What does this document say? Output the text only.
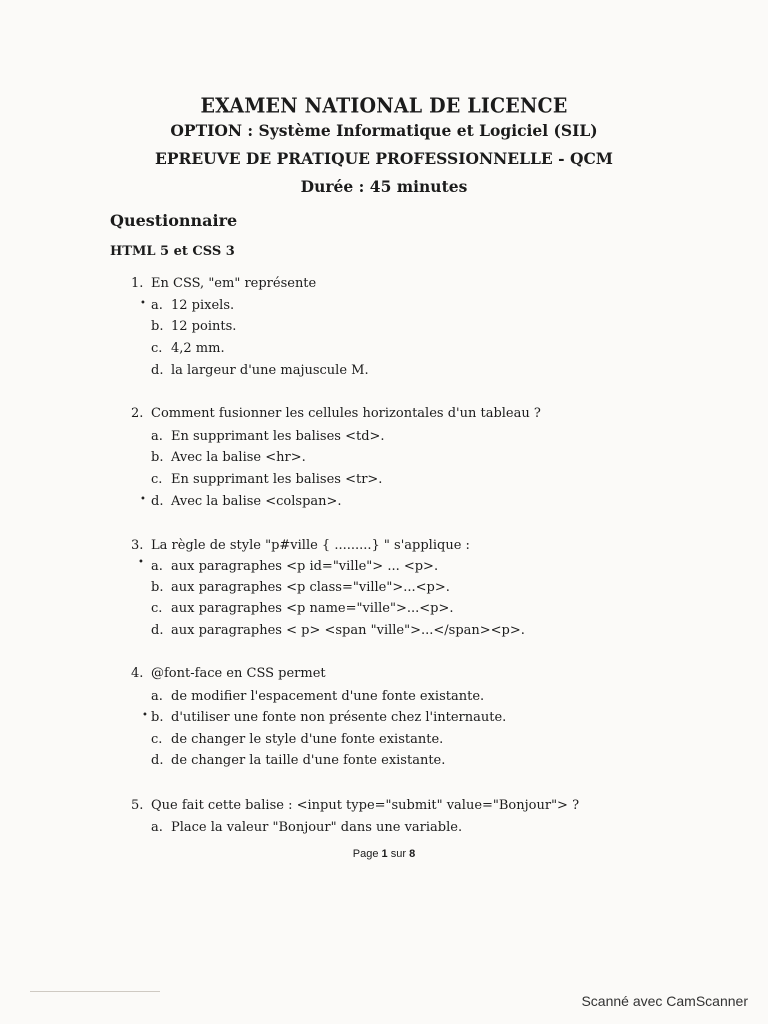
EXAMEN NATIONAL DE LICENCE
OPTION : Système Informatique et Logiciel (SIL)
EPREUVE DE PRATIQUE PROFESSIONNELLE - QCM
Durée : 45 minutes
Questionnaire
HTML 5 et CSS 3
1. En CSS, "em" représente
• a. 12 pixels.
b. 12 points.
c. 4,2 mm.
d. la largeur d'une majuscule M.
2. Comment fusionner les cellules horizontales d'un tableau ?
a. En supprimant les balises <td>.
b. Avec la balise <hr>.
c. En supprimant les balises <tr>.
• d. Avec la balise <colspan>.
3. La règle de style "p#ville { .........} " s'applique :
• a. aux paragraphes <p id="ville"> ... <p>.
b. aux paragraphes <p class="ville">...<p>.
c. aux paragraphes <p name="ville">...<p>.
d. aux paragraphes < p> <span "ville">...</span><p>.
4. @font-face en CSS permet
a. de modifier l'espacement d'une fonte existante.
• b. d'utiliser une fonte non présente chez l'internaute.
c. de changer le style d'une fonte existante.
d. de changer la taille d'une fonte existante.
5. Que fait cette balise : <input type="submit" value="Bonjour"> ?
a. Place la valeur "Bonjour" dans une variable.
Page 1 sur 8
Scanné avec CamScanner
